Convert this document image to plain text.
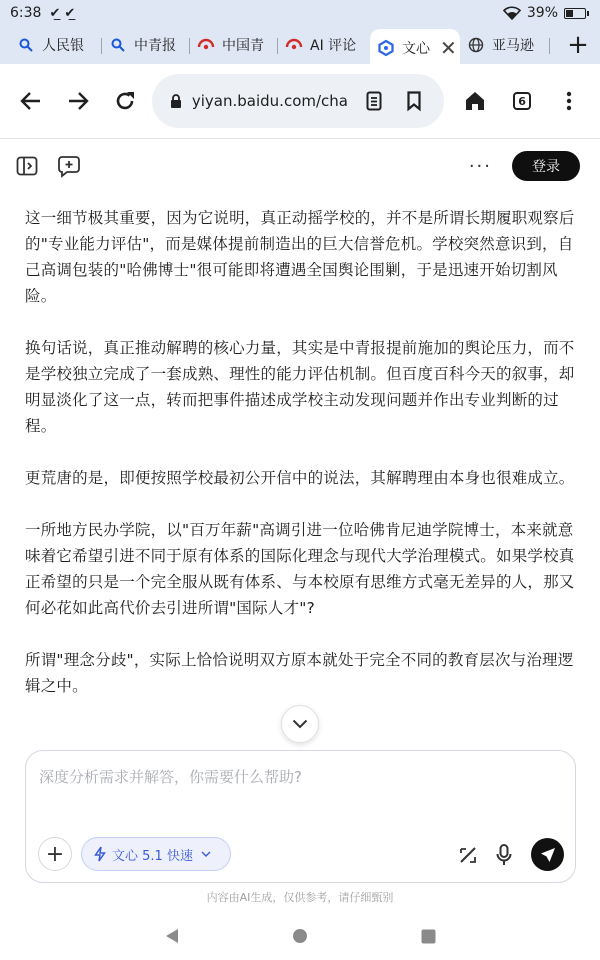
6:38 ✔̲ ✔̲	39%
人民银	中青报	中国青	AI 评论	文心 ✕	亚马逊 +
yiyan.baidu.com/cha	6
···	登录

这一细节极其重要，因为它说明，真正动摇学校的，并不是所谓长期履职观察后的"专业能力评估"，而是媒体提前制造出的巨大信誉危机。学校突然意识到，自己高调包装的"哈佛博士"很可能即将遭遇全国舆论围剿，于是迅速开始切割风险。

换句话说，真正推动解聘的核心力量，其实是中青报提前施加的舆论压力，而不是学校独立完成了一套成熟、理性的能力评估机制。但百度百科今天的叙事，却明显淡化了这一点，转而把事件描述成学校主动发现问题并作出专业判断的过程。

更荒唐的是，即便按照学校最初公开信中的说法，其解聘理由本身也很难成立。

一所地方民办学院，以"百万年薪"高调引进一位哈佛肯尼迪学院博士，本来就意味着它希望引进不同于原有体系的国际化理念与现代大学治理模式。如果学校真正希望的只是一个完全服从既有体系、与本校原有思维方式毫无差异的人，那又何必花如此高代价去引进所谓"国际人才"?

所谓"理念分歧"，实际上恰恰说明双方原本就处于完全不同的教育层次与治理逻辑之中。

深度分析需求并解答，你需要什么帮助?
+	文心 5.1 快速
内容由AI生成，仅供参考，请仔细甄别
